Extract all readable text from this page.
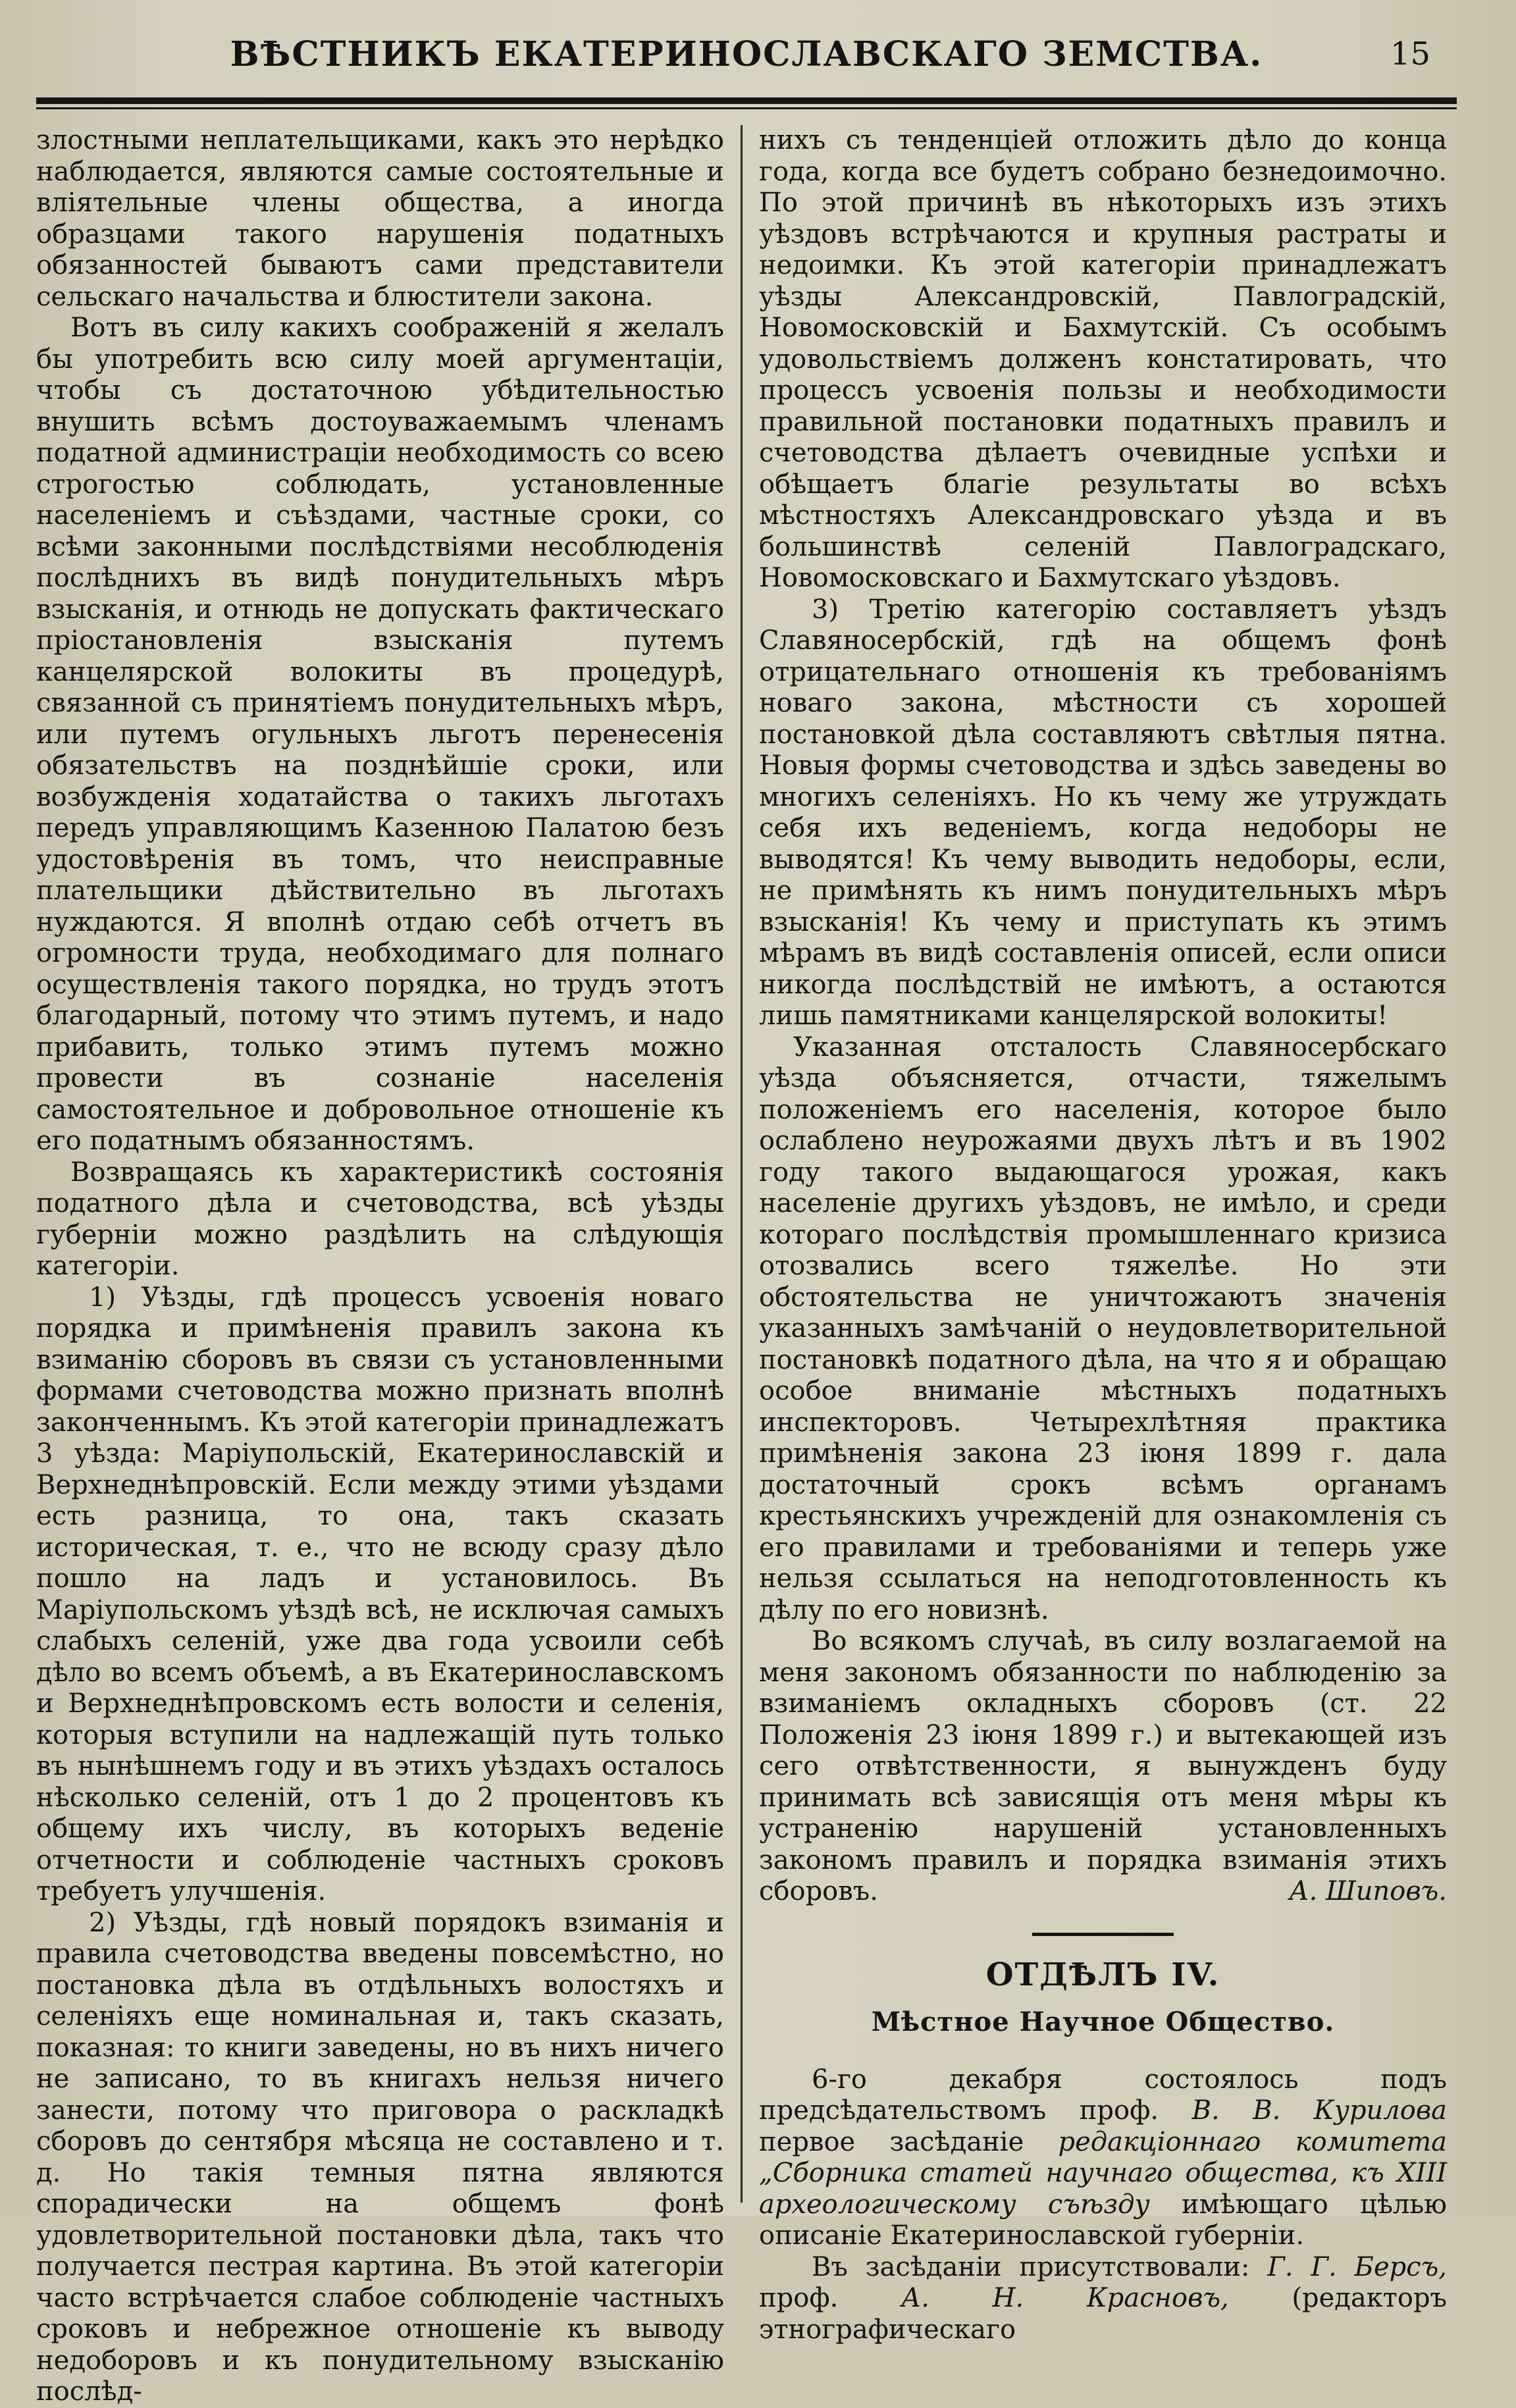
ВѢСТНИКЪ ЕКАТЕРИНОСЛАВСКАГО ЗЕМСТВА.	15

злостными неплательщиками, какъ это нерѣдко наблюдается, являются самые состоятельные и вліятельные члены общества, а иногда образцами такого нарушенія податныхъ обязанностей бываютъ сами представители сельскаго начальства и блюстители закона.

Вотъ въ силу какихъ соображеній я желалъ бы употребить всю силу моей аргументаціи, чтобы съ достаточною убѣдительностью внушить всѣмъ достоуважаемымъ членамъ податной администраціи необходимость со всею строгостью соблюдать, установленные населеніемъ и съѣздами, частные сроки, со всѣми законными послѣдствіями несоблюденія послѣднихъ въ видѣ понудительныхъ мѣръ взысканія, и отнюдь не допускать фактическаго пріостановленія взысканія путемъ канцелярской волокиты въ процедурѣ, связанной съ принятіемъ понудительныхъ мѣръ, или путемъ огульныхъ льготъ перенесенія обязательствъ на позднѣйшіе сроки, или возбужденія ходатайства о такихъ льготахъ передъ управляющимъ Казенною Палатою безъ удостовѣренія въ томъ, что неисправные плательщики дѣйствительно въ льготахъ нуждаются. Я вполнѣ отдаю себѣ отчетъ въ огромности труда, необходимаго для полнаго осуществленія такого порядка, но трудъ этотъ благодарный, потому что этимъ путемъ, и надо прибавить, только этимъ путемъ можно провести въ сознаніе населенія самостоятельное и добровольное отношеніе къ его податнымъ обязанностямъ.

Возвращаясь къ характеристикѣ состоянія податного дѣла и счетоводства, всѣ уѣзды губерніи можно раздѣлить на слѣдующія категоріи.

1) Уѣзды, гдѣ процессъ усвоенія новаго порядка и примѣненія правилъ закона къ взиманію сборовъ въ связи съ установленными формами счетоводства можно признать вполнѣ законченнымъ. Къ этой категоріи принадлежатъ 3 уѣзда: Маріупольскій, Екатеринославскій и Верхнеднѣпровскій. Если между этими уѣздами есть разница, то она, такъ сказать историческая, т. е., что не всюду сразу дѣло пошло на ладъ и установилось. Въ Маріупольскомъ уѣздѣ всѣ, не исключая самыхъ слабыхъ селеній, уже два года усвоили себѣ дѣло во всемъ объемѣ, а въ Екатеринославскомъ и Верхнеднѣпровскомъ есть волости и селенія, которыя вступили на надлежащій путь только въ нынѣшнемъ году и въ этихъ уѣздахъ осталось нѣсколько селеній, отъ 1 до 2 процентовъ къ общему ихъ числу, въ которыхъ веденіе отчетности и соблюденіе частныхъ сроковъ требуетъ улучшенія.

2) Уѣзды, гдѣ новый порядокъ взиманія и правила счетоводства введены повсемѣстно, но постановка дѣла въ отдѣльныхъ волостяхъ и селеніяхъ еще номинальная и, такъ сказать, показная: то книги заведены, но въ нихъ ничего не записано, то въ книгахъ нельзя ничего занести, потому что приговора о раскладкѣ сборовъ до сентября мѣсяца не составлено и т. д. Но такія темныя пятна являются спорадически на общемъ фонѣ удовлетворительной постановки дѣла, такъ что получается пестрая картина. Въ этой категоріи часто встрѣчается слабое соблюденіе частныхъ сроковъ и небрежное отношеніе къ выводу недоборовъ и къ понудительному взысканію послѣд-

нихъ съ тенденціей отложить дѣло до конца года, когда все будетъ собрано безнедоимочно. По этой причинѣ въ нѣкоторыхъ изъ этихъ уѣздовъ встрѣчаются и крупныя растраты и недоимки. Къ этой категоріи принадлежатъ уѣзды Александровскій, Павлоградскій, Новомосковскій и Бахмутскій. Съ особымъ удовольствіемъ долженъ констатировать, что процессъ усвоенія пользы и необходимости правильной постановки податныхъ правилъ и счетоводства дѣлаетъ очевидные успѣхи и обѣщаетъ благіе результаты во всѣхъ мѣстностяхъ Александровскаго уѣзда и въ большинствѣ селеній Павлоградскаго, Новомосковскаго и Бахмутскаго уѣздовъ.

3) Третію категорію составляетъ уѣздъ Славяносербскій, гдѣ на общемъ фонѣ отрицательнаго отношенія къ требованіямъ новаго закона, мѣстности съ хорошей постановкой дѣла составляютъ свѣтлыя пятна. Новыя формы счетоводства и здѣсь заведены во многихъ селеніяхъ. Но къ чему же утруждать себя ихъ веденіемъ, когда недоборы не выводятся! Къ чему выводить недоборы, если, не примѣнять къ нимъ понудительныхъ мѣръ взысканія! Къ чему и приступать къ этимъ мѣрамъ въ видѣ составленія описей, если описи никогда послѣдствій не имѣютъ, а остаются лишь памятниками канцелярской волокиты!

Указанная отсталость Славяносербскаго уѣзда объясняется, отчасти, тяжелымъ положеніемъ его населенія, которое было ослаблено неурожаями двухъ лѣтъ и въ 1902 году такого выдающагося урожая, какъ населеніе другихъ уѣздовъ, не имѣло, и среди котораго послѣдствія промышленнаго кризиса отозвались всего тяжелѣе. Но эти обстоятельства не уничтожаютъ значенія указанныхъ замѣчаній о неудовлетворительной постановкѣ податного дѣла, на что я и обращаю особое вниманіе мѣстныхъ податныхъ инспекторовъ. Четырехлѣтняя практика примѣненія закона 23 іюня 1899 г. дала достаточный срокъ всѣмъ органамъ крестьянскихъ учрежденій для ознакомленія съ его правилами и требованіями и теперь уже нельзя ссылаться на неподготовленность къ дѣлу по его новизнѣ.

Во всякомъ случаѣ, въ силу возлагаемой на меня закономъ обязанности по наблюденію за взиманіемъ окладныхъ сборовъ (ст. 22 Положенія 23 іюня 1899 г.) и вытекающей изъ сего отвѣтственности, я вынужденъ буду принимать всѣ зависящія отъ меня мѣры къ устраненію нарушеній установленныхъ закономъ правилъ и порядка взиманія этихъ сборовъ.	А. Шиповъ.

ОТДѢЛЪ IV.
Мѣстное Научное Общество.

6-го декабря состоялось подъ предсѣдательствомъ проф. В. В. Курилова первое засѣданіе редакціоннаго комитета „Сборника статей научнаго общества, къ XIII археологическому съѣзду имѣющаго цѣлью описаніе Екатеринославской губерніи.

Въ засѣданіи присутствовали: Г. Г. Берсъ, проф. А. Н. Красновъ, (редакторъ этнографическаго
